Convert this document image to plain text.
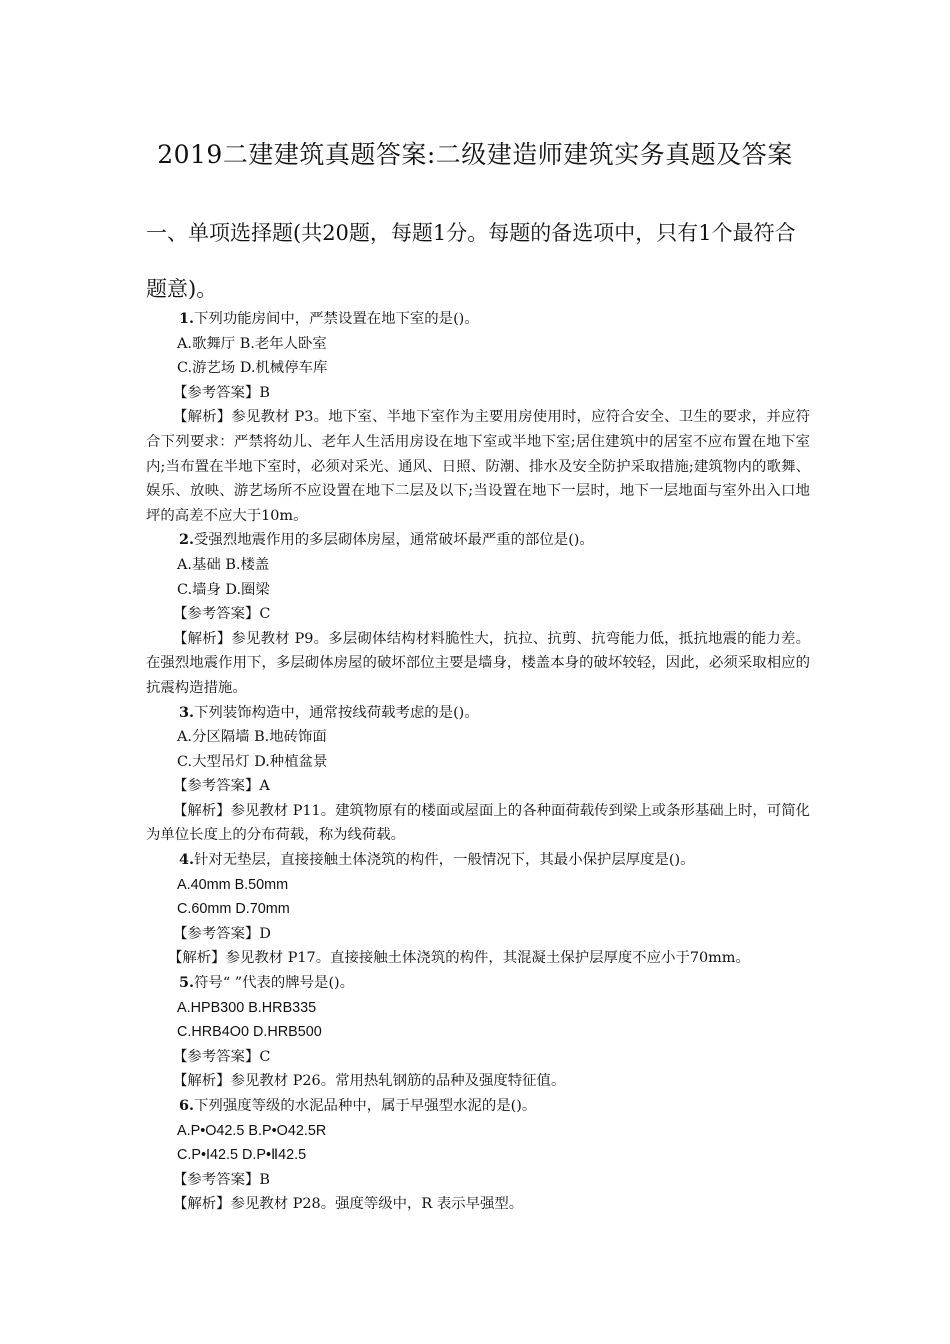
2019二建建筑真题答案:二级建造师建筑实务真题及答案
一、单项选择题(共20题，每题1分。每题的备选项中，只有1个最符合题意)。
1.下列功能房间中，严禁设置在地下室的是()。
A.歌舞厅 B.老年人卧室
C.游艺场 D.机械停车库
【参考答案】B
【解析】参见教材 P3。地下室、半地下室作为主要用房使用时，应符合安全、卫生的要求，并应符合下列要求：严禁将幼儿、老年人生活用房设在地下室或半地下室;居住建筑中的居室不应布置在地下室内;当布置在半地下室时，必须对采光、通风、日照、防潮、排水及安全防护采取措施;建筑物内的歌舞、娱乐、放映、游艺场所不应设置在地下二层及以下;当设置在地下一层时，地下一层地面与室外出入口地坪的高差不应大于10m。
2.受强烈地震作用的多层砌体房屋，通常破坏最严重的部位是()。
A.基础 B.楼盖
C.墙身 D.圈梁
【参考答案】C
【解析】参见教材 P9。多层砌体结构材料脆性大，抗拉、抗剪、抗弯能力低，抵抗地震的能力差。在强烈地震作用下，多层砌体房屋的破坏部位主要是墙身，楼盖本身的破坏较轻，因此，必须采取相应的抗震构造措施。
3.下列装饰构造中，通常按线荷载考虑的是()。
A.分区隔墙 B.地砖饰面
C.大型吊灯 D.种植盆景
【参考答案】A
【解析】参见教材 P11。建筑物原有的楼面或屋面上的各种面荷载传到梁上或条形基础上时，可简化为单位长度上的分布荷载，称为线荷载。
4.针对无垫层，直接接触土体浇筑的构件，一般情况下，其最小保护层厚度是()。
A.40mm B.50mm
C.60mm D.70mm
【参考答案】D
【解析】参见教材 P17。直接接触土体浇筑的构件，其混凝土保护层厚度不应小于70mm。
5.符号“ ”代表的牌号是()。
A.HPB300 B.HRB335
C.HRB4O0 D.HRB500
【参考答案】C
【解析】参见教材 P26。常用热轧钢筋的品种及强度特征值。
6.下列强度等级的水泥品种中，属于早强型水泥的是()。
A.P•O42.5 B.P•O42.5R
C.P•I42.5 D.P•Ⅱ42.5
【参考答案】B
【解析】参见教材 P28。强度等级中，R 表示早强型。
